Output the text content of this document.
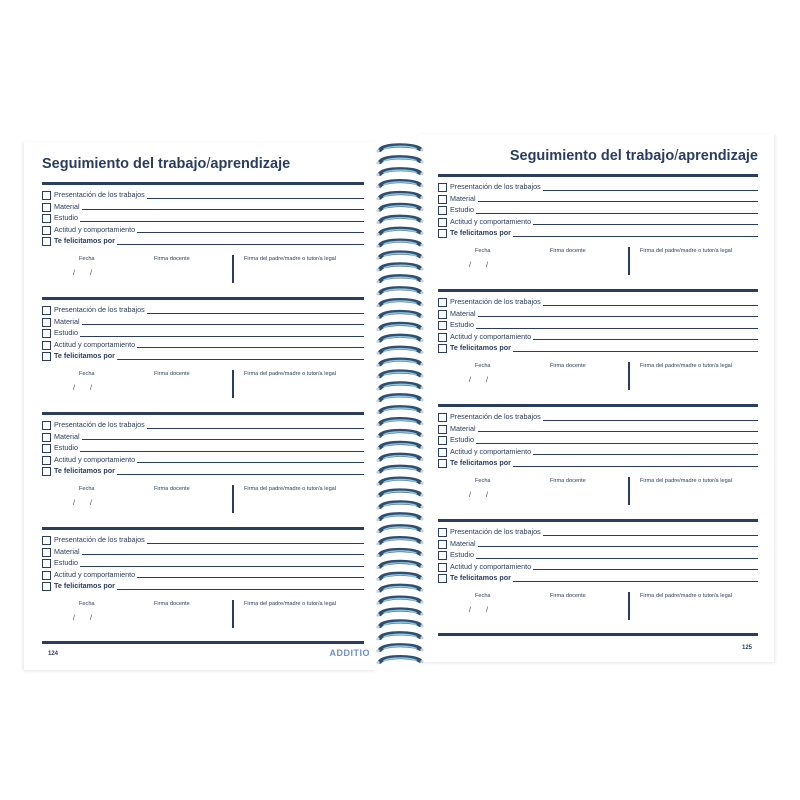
Seguimiento del trabajo/aprendizaje
Presentación de los trabajos
Material
Estudio
Actitud y comportamiento
Te felicitamos por
Fecha	Firma docente	Firma del padre/madre o tutor/a legal
/ /
Presentación de los trabajos
Material
Estudio
Actitud y comportamiento
Te felicitamos por
Fecha	Firma docente	Firma del padre/madre o tutor/a legal
/ /
Presentación de los trabajos
Material
Estudio
Actitud y comportamiento
Te felicitamos por
Fecha	Firma docente	Firma del padre/madre o tutor/a legal
/ /
Presentación de los trabajos
Material
Estudio
Actitud y comportamiento
Te felicitamos por
Fecha	Firma docente	Firma del padre/madre o tutor/a legal
/ /
124	ADDITIO
Seguimiento del trabajo/aprendizaje
Presentación de los trabajos
Material
Estudio
Actitud y comportamiento
Te felicitamos por
Fecha	Firma docente	Firma del padre/madre o tutor/a legal
/ /
Presentación de los trabajos
Material
Estudio
Actitud y comportamiento
Te felicitamos por
Fecha	Firma docente	Firma del padre/madre o tutor/a legal
/ /
Presentación de los trabajos
Material
Estudio
Actitud y comportamiento
Te felicitamos por
Fecha	Firma docente	Firma del padre/madre o tutor/a legal
/ /
Presentación de los trabajos
Material
Estudio
Actitud y comportamiento
Te felicitamos por
Fecha	Firma docente	Firma del padre/madre o tutor/a legal
/ /
125
